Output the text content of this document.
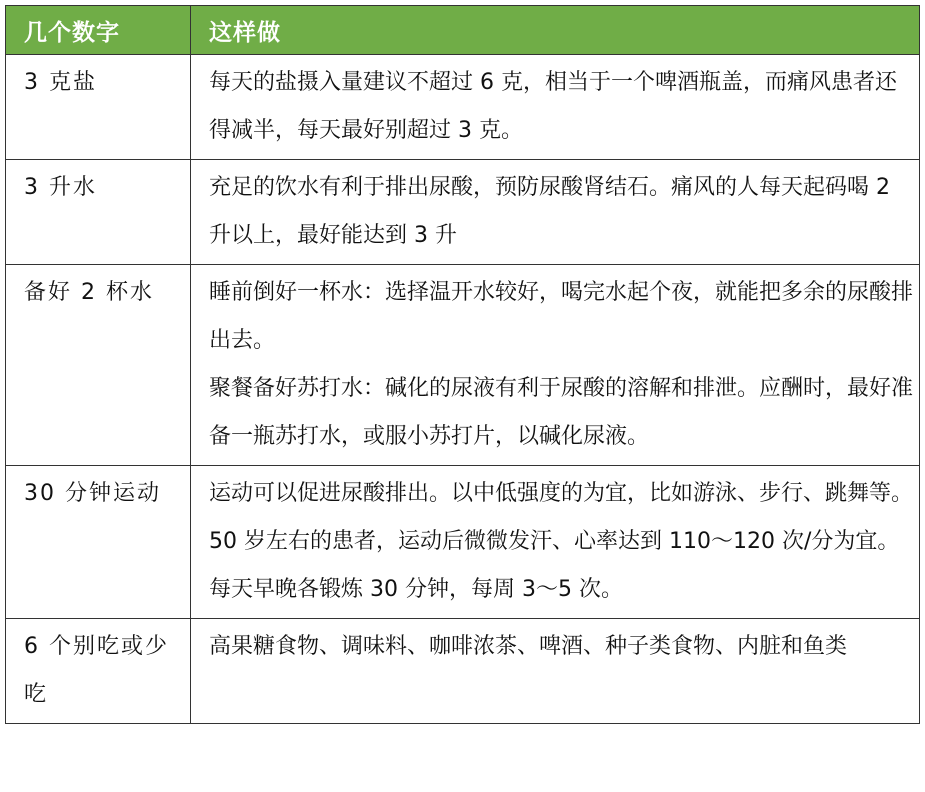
几个数字	这样做
3 克盐	每天的盐摄入量建议不超过 6 克，相当于一个啤酒瓶盖，而痛风患者还得减半，每天最好别超过 3 克。

3 升水	充足的饮水有利于排出尿酸，预防尿酸肾结石。痛风的人每天起码喝 2 升以上，最好能达到 3 升

备好 2 杯水	睡前倒好一杯水：选择温开水较好，喝完水起个夜，就能把多余的尿酸排出去。
聚餐备好苏打水：碱化的尿液有利于尿酸的溶解和排泄。应酬时，最好准备一瓶苏打水，或服小苏打片，以碱化尿液。

30 分钟运动	运动可以促进尿酸排出。以中低强度的为宜，比如游泳、步行、跳舞等。50 岁左右的患者，运动后微微发汗、心率达到 110～120 次/分为宜。每天早晚各锻炼 30 分钟，每周 3～5 次。

6 个别吃或少吃	高果糖食物、调味料、咖啡浓茶、啤酒、种子类食物、内脏和鱼类
